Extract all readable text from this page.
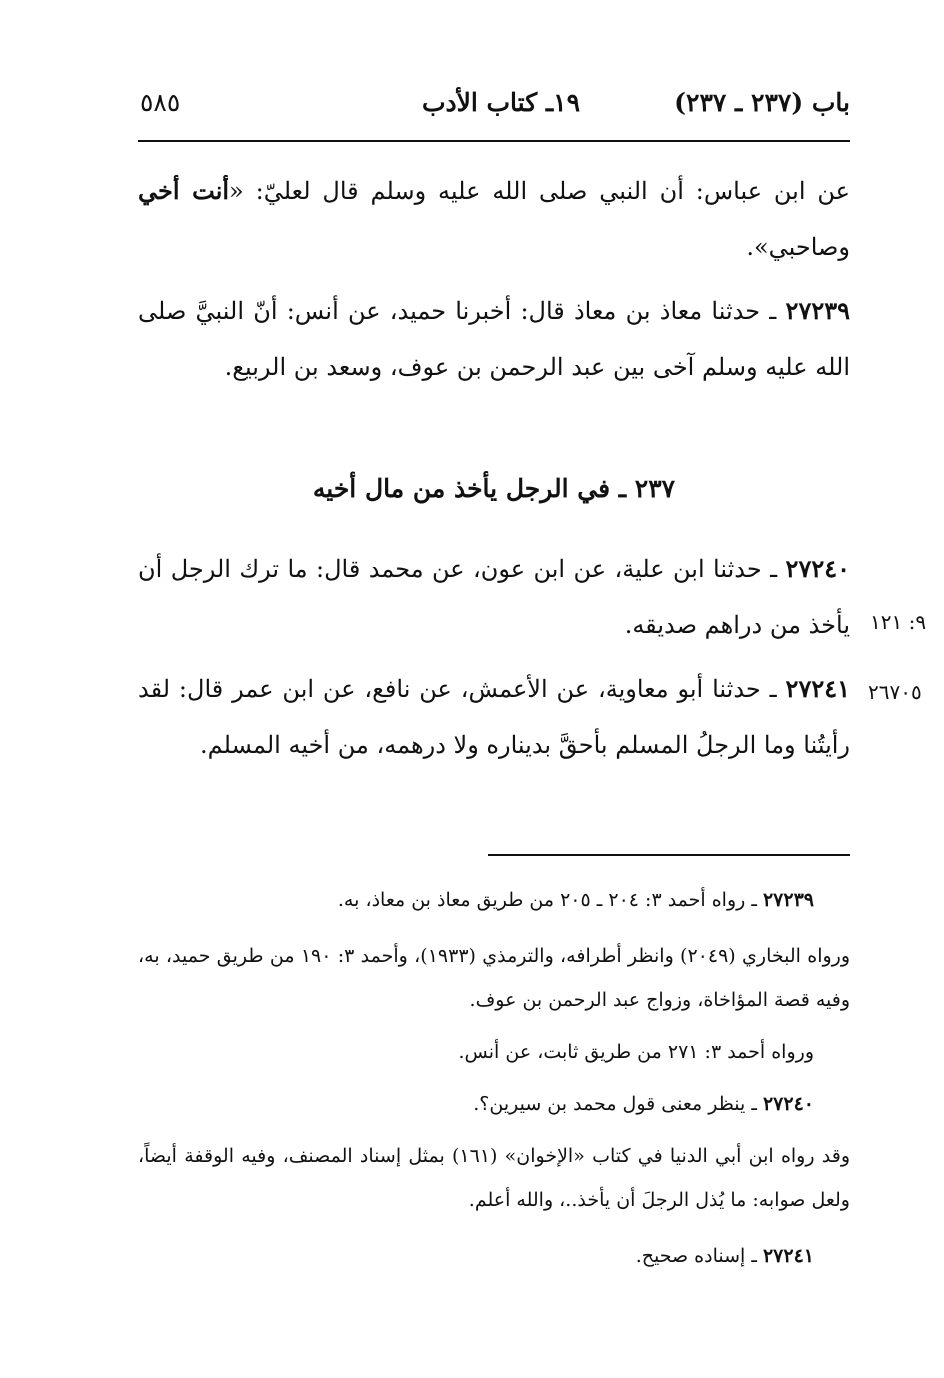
باب (٢٣٧ ـ ٢٣٧)
١٩ـ كتاب الأدب
٥٨٥
عن ابن عباس: أن النبي صلى الله عليه وسلم قال لعليّ: «أنت أخي وصاحبي».
٢٧٢٣٩ ـ حدثنا معاذ بن معاذ قال: أخبرنا حميد، عن أنس: أنّ النبيَّ صلى الله عليه وسلم آخى بين عبد الرحمن بن عوف، وسعد بن الربيع.
٢٣٧ ـ في الرجل يأخذ من مال أخيه
٢٧٢٤٠ ـ حدثنا ابن علية، عن ابن عون، عن محمد قال: ما ترك الرجل أن يأخذ من دراهم صديقه. ٩: ١٢١
٢٧٢٤١ ـ حدثنا أبو معاوية، عن الأعمش، عن نافع، عن ابن عمر قال: لقد رأيتُنا وما الرجلُ المسلم بأحقَّ بديناره ولا درهمه، من أخيه المسلم.
٢٦٧٠٥
٢٧٢٣٩ ـ رواه أحمد ٣: ٢٠٤ ـ ٢٠٥ من طريق معاذ بن معاذ، به.
ورواه البخاري (٢٠٤٩) وانظر أطرافه، والترمذي (١٩٣٣)، وأحمد ٣: ١٩٠ من طريق حميد، به، وفيه قصة المؤاخاة، وزواج عبد الرحمن بن عوف.
ورواه أحمد ٣: ٢٧١ من طريق ثابت، عن أنس.
٢٧٢٤٠ ـ ينظر معنى قول محمد بن سيرين؟.
وقد رواه ابن أبي الدنيا في كتاب «الإخوان» (١٦١) بمثل إسناد المصنف، وفيه الوقفة أيضاً، ولعل صوابه: ما يُذل الرجلَ أن يأخذ..، والله أعلم.
٢٧٢٤١ ـ إسناده صحيح.
